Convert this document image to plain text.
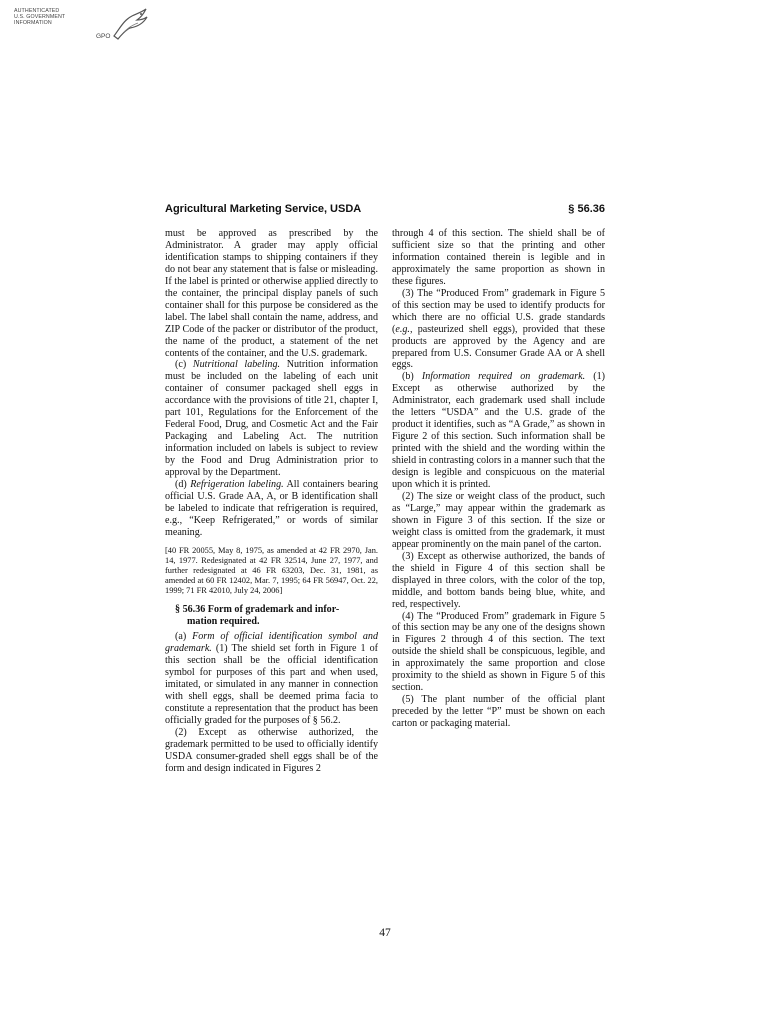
AUTHENTICATED
U.S. GOVERNMENT
INFORMATION
GPO
Agricultural Marketing Service, USDA	§ 56.36

must be approved as prescribed by the Administrator. A grader may apply official identification stamps to shipping containers if they do not bear any statement that is false or misleading. If the label is printed or otherwise applied directly to the container, the principal display panels of such container shall for this purpose be considered as the label. The label shall contain the name, address, and ZIP Code of the packer or distributor of the product, the name of the product, a statement of the net contents of the container, and the U.S. grademark.

(c) Nutritional labeling. Nutrition information must be included on the labeling of each unit container of consumer packaged shell eggs in accordance with the provisions of title 21, chapter I, part 101, Regulations for the Enforcement of the Federal Food, Drug, and Cosmetic Act and the Fair Packaging and Labeling Act. The nutrition information included on labels is subject to review by the Food and Drug Administration prior to approval by the Department.

(d) Refrigeration labeling. All containers bearing official U.S. Grade AA, A, or B identification shall be labeled to indicate that refrigeration is required, e.g., “Keep Refrigerated,” or words of similar meaning.

[40 FR 20055, May 8, 1975, as amended at 42 FR 2970, Jan. 14, 1977. Redesignated at 42 FR 32514, June 27, 1977, and further redesignated at 46 FR 63203, Dec. 31, 1981, as amended at 60 FR 12402, Mar. 7, 1995; 64 FR 56947, Oct. 22, 1999; 71 FR 42010, July 24, 2006]

§ 56.36 Form of grademark and infor-
mation required.

(a) Form of official identification symbol and grademark. (1) The shield set forth in Figure 1 of this section shall be the official identification symbol for purposes of this part and when used, imitated, or simulated in any manner in connection with shell eggs, shall be deemed prima facia to constitute a representation that the product has been officially graded for the purposes of § 56.2.

(2) Except as otherwise authorized, the grademark permitted to be used to officially identify USDA consumer-graded shell eggs shall be of the form and design indicated in Figures 2

through 4 of this section. The shield shall be of sufficient size so that the printing and other information contained therein is legible and in approximately the same proportion as shown in these figures.

(3) The “Produced From” grademark in Figure 5 of this section may be used to identify products for which there are no official U.S. grade standards (e.g., pasteurized shell eggs), provided that these products are approved by the Agency and are prepared from U.S. Consumer Grade AA or A shell eggs.

(b) Information required on grademark. (1) Except as otherwise authorized by the Administrator, each grademark used shall include the letters “USDA” and the U.S. grade of the product it identifies, such as “A Grade,” as shown in Figure 2 of this section. Such information shall be printed with the shield and the wording within the shield in contrasting colors in a manner such that the design is legible and conspicuous on the material upon which it is printed.

(2) The size or weight class of the product, such as “Large,” may appear within the grademark as shown in Figure 3 of this section. If the size or weight class is omitted from the grademark, it must appear prominently on the main panel of the carton.

(3) Except as otherwise authorized, the bands of the shield in Figure 4 of this section shall be displayed in three colors, with the color of the top, middle, and bottom bands being blue, white, and red, respectively.

(4) The “Produced From” grademark in Figure 5 of this section may be any one of the designs shown in Figures 2 through 4 of this section. The text outside the shield shall be conspicuous, legible, and in approximately the same proportion and close proximity to the shield as shown in Figure 5 of this section.

(5) The plant number of the official plant preceded by the letter “P” must be shown on each carton or packaging material.

47
